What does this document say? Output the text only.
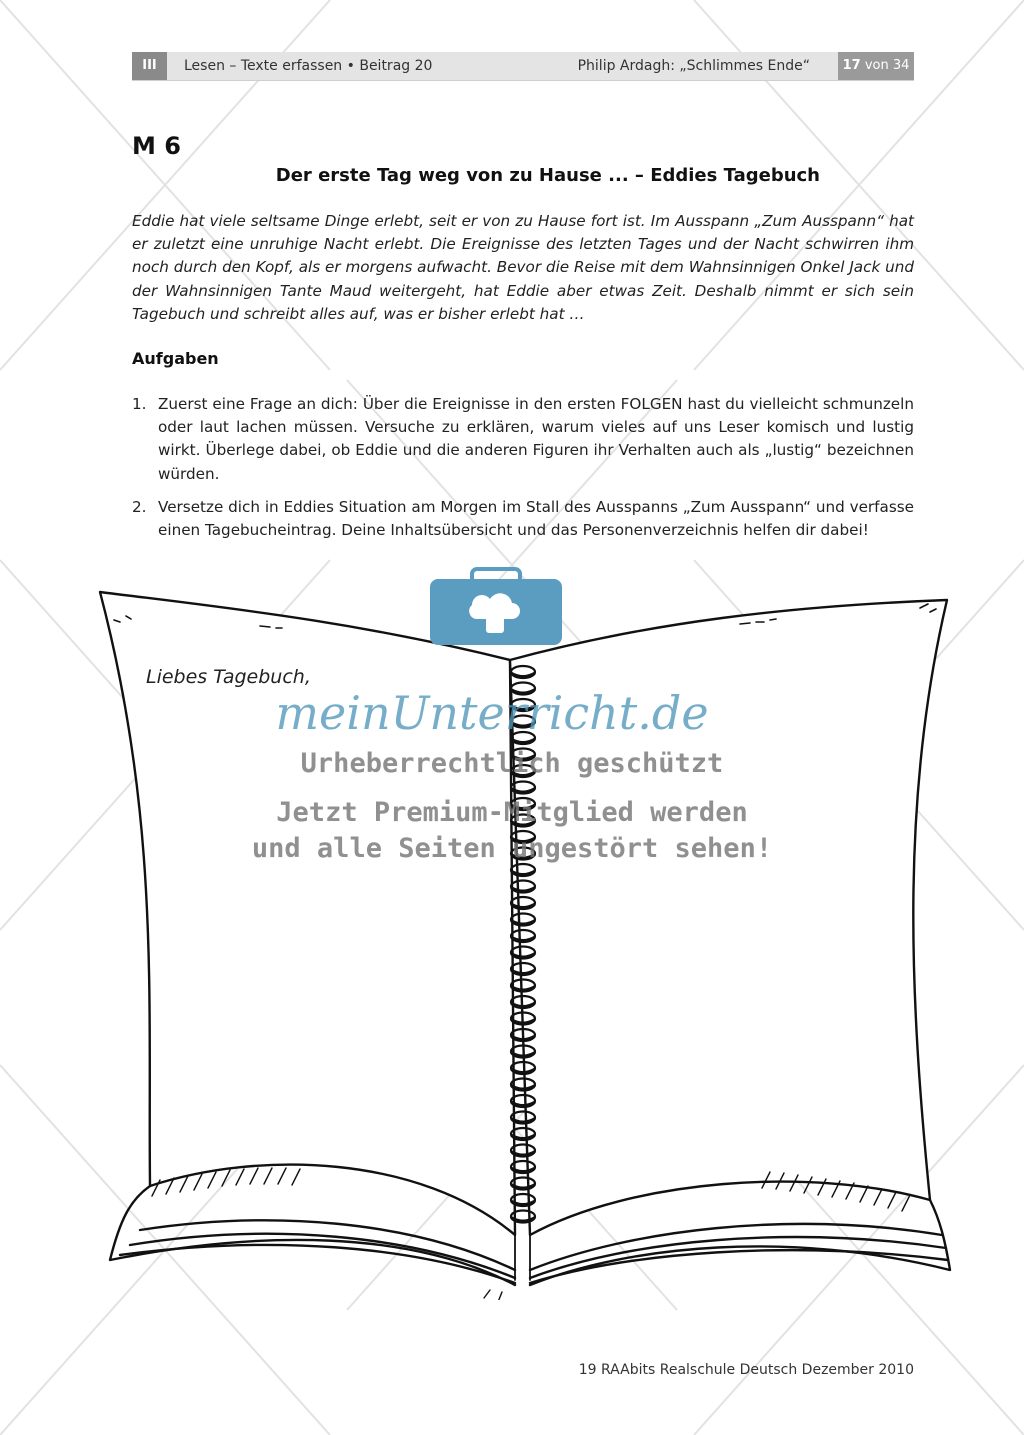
III	Lesen – Texte erfassen • Beitrag 20	Philip Ardagh: „Schlimmes Ende“	17 von 34
M 6
Der erste Tag weg von zu Hause ... – Eddies Tagebuch

Eddie hat viele seltsame Dinge erlebt, seit er von zu Hause fort ist. Im Ausspann „Zum Ausspann“ hat er zuletzt eine unruhige Nacht erlebt. Die Ereignisse des letzten Tages und der Nacht schwirren ihm noch durch den Kopf, als er morgens aufwacht. Bevor die Reise mit dem Wahnsinnigen Onkel Jack und der Wahnsinnigen Tante Maud weitergeht, hat Eddie aber etwas Zeit. Deshalb nimmt er sich sein Tagebuch und schreibt alles auf, was er bisher erlebt hat …

Aufgaben
1. Zuerst eine Frage an dich: Über die Ereignisse in den ersten FOLGEN hast du vielleicht schmunzeln oder laut lachen müssen. Versuche zu erklären, warum vieles auf uns Leser komisch und lustig wirkt. Überlege dabei, ob Eddie und die anderen Figuren ihr Verhalten auch als „lustig“ bezeichnen würden.
2. Versetze dich in Eddies Situation am Morgen im Stall des Ausspanns „Zum Ausspann“ und verfasse einen Tagebucheintrag. Deine Inhaltsübersicht und das Personenverzeichnis helfen dir dabei!
Liebes Tagebuch,
meinUnterricht.de
Urheberrechtlich geschützt
Jetzt Premium-Mitglied werden
und alle Seiten ungestört sehen!
19 RAAbits Realschule Deutsch Dezember 2010
